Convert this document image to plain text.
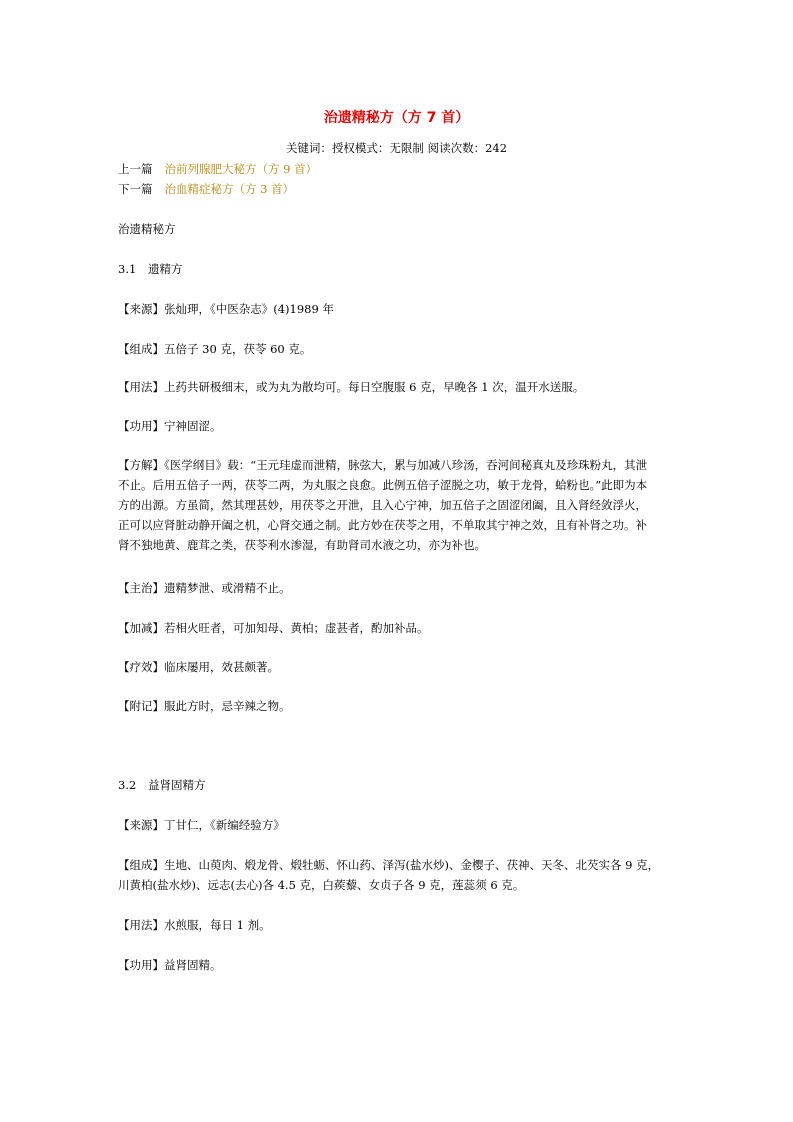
治遗精秘方（方 7 首）
关键词：授权模式：无限制 阅读次数：242
上一篇 治前列腺肥大秘方（方 9 首）
下一篇 治血精症秘方（方 3 首）
治遗精秘方
3.1 遗精方
【来源】张灿玾，《中医杂志》(4)1989 年
【组成】五倍子 30 克，茯苓 60 克。
【用法】上药共研极细末，或为丸为散均可。每日空腹服 6 克，早晚各 1 次，温开水送服。
【功用】宁神固涩。
【方解】《医学纲目》载：“王元珪虚而泄精，脉弦大，累与加减八珍汤，吞河间秘真丸及珍珠粉丸，其泄
不止。后用五倍子一两，茯苓二两，为丸服之良愈。此例五倍子涩脱之功，敏于龙骨，蛤粉也。”此即为本
方的出源。方虽简，然其理甚妙，用茯苓之开泄，且入心宁神，加五倍子之固涩闭阖，且入肾经敛浮火，
正可以应肾脏动静开阖之机，心肾交通之制。此方妙在茯苓之用，不单取其宁神之效，且有补肾之功。补
肾不独地黄、鹿茸之类，茯苓利水渗湿，有助肾司水液之功，亦为补也。
【主治】遗精梦泄、或滑精不止。
【加减】若相火旺者，可加知母、黄柏；虚甚者，酌加补品。
【疗效】临床屡用，效甚颇著。
【附记】服此方时，忌辛辣之物。
3.2 益肾固精方
【来源】丁甘仁，《新编经验方》
【组成】生地、山萸肉、煅龙骨、煅牡蛎、怀山药、泽泻(盐水炒)、金樱子、茯神、天冬、北芡实各 9 克，
川黄柏(盐水炒)、远志(去心)各 4.5 克，白蒺藜、女贞子各 9 克，莲蕊须 6 克。
【用法】水煎服，每日 1 剂。
【功用】益肾固精。
